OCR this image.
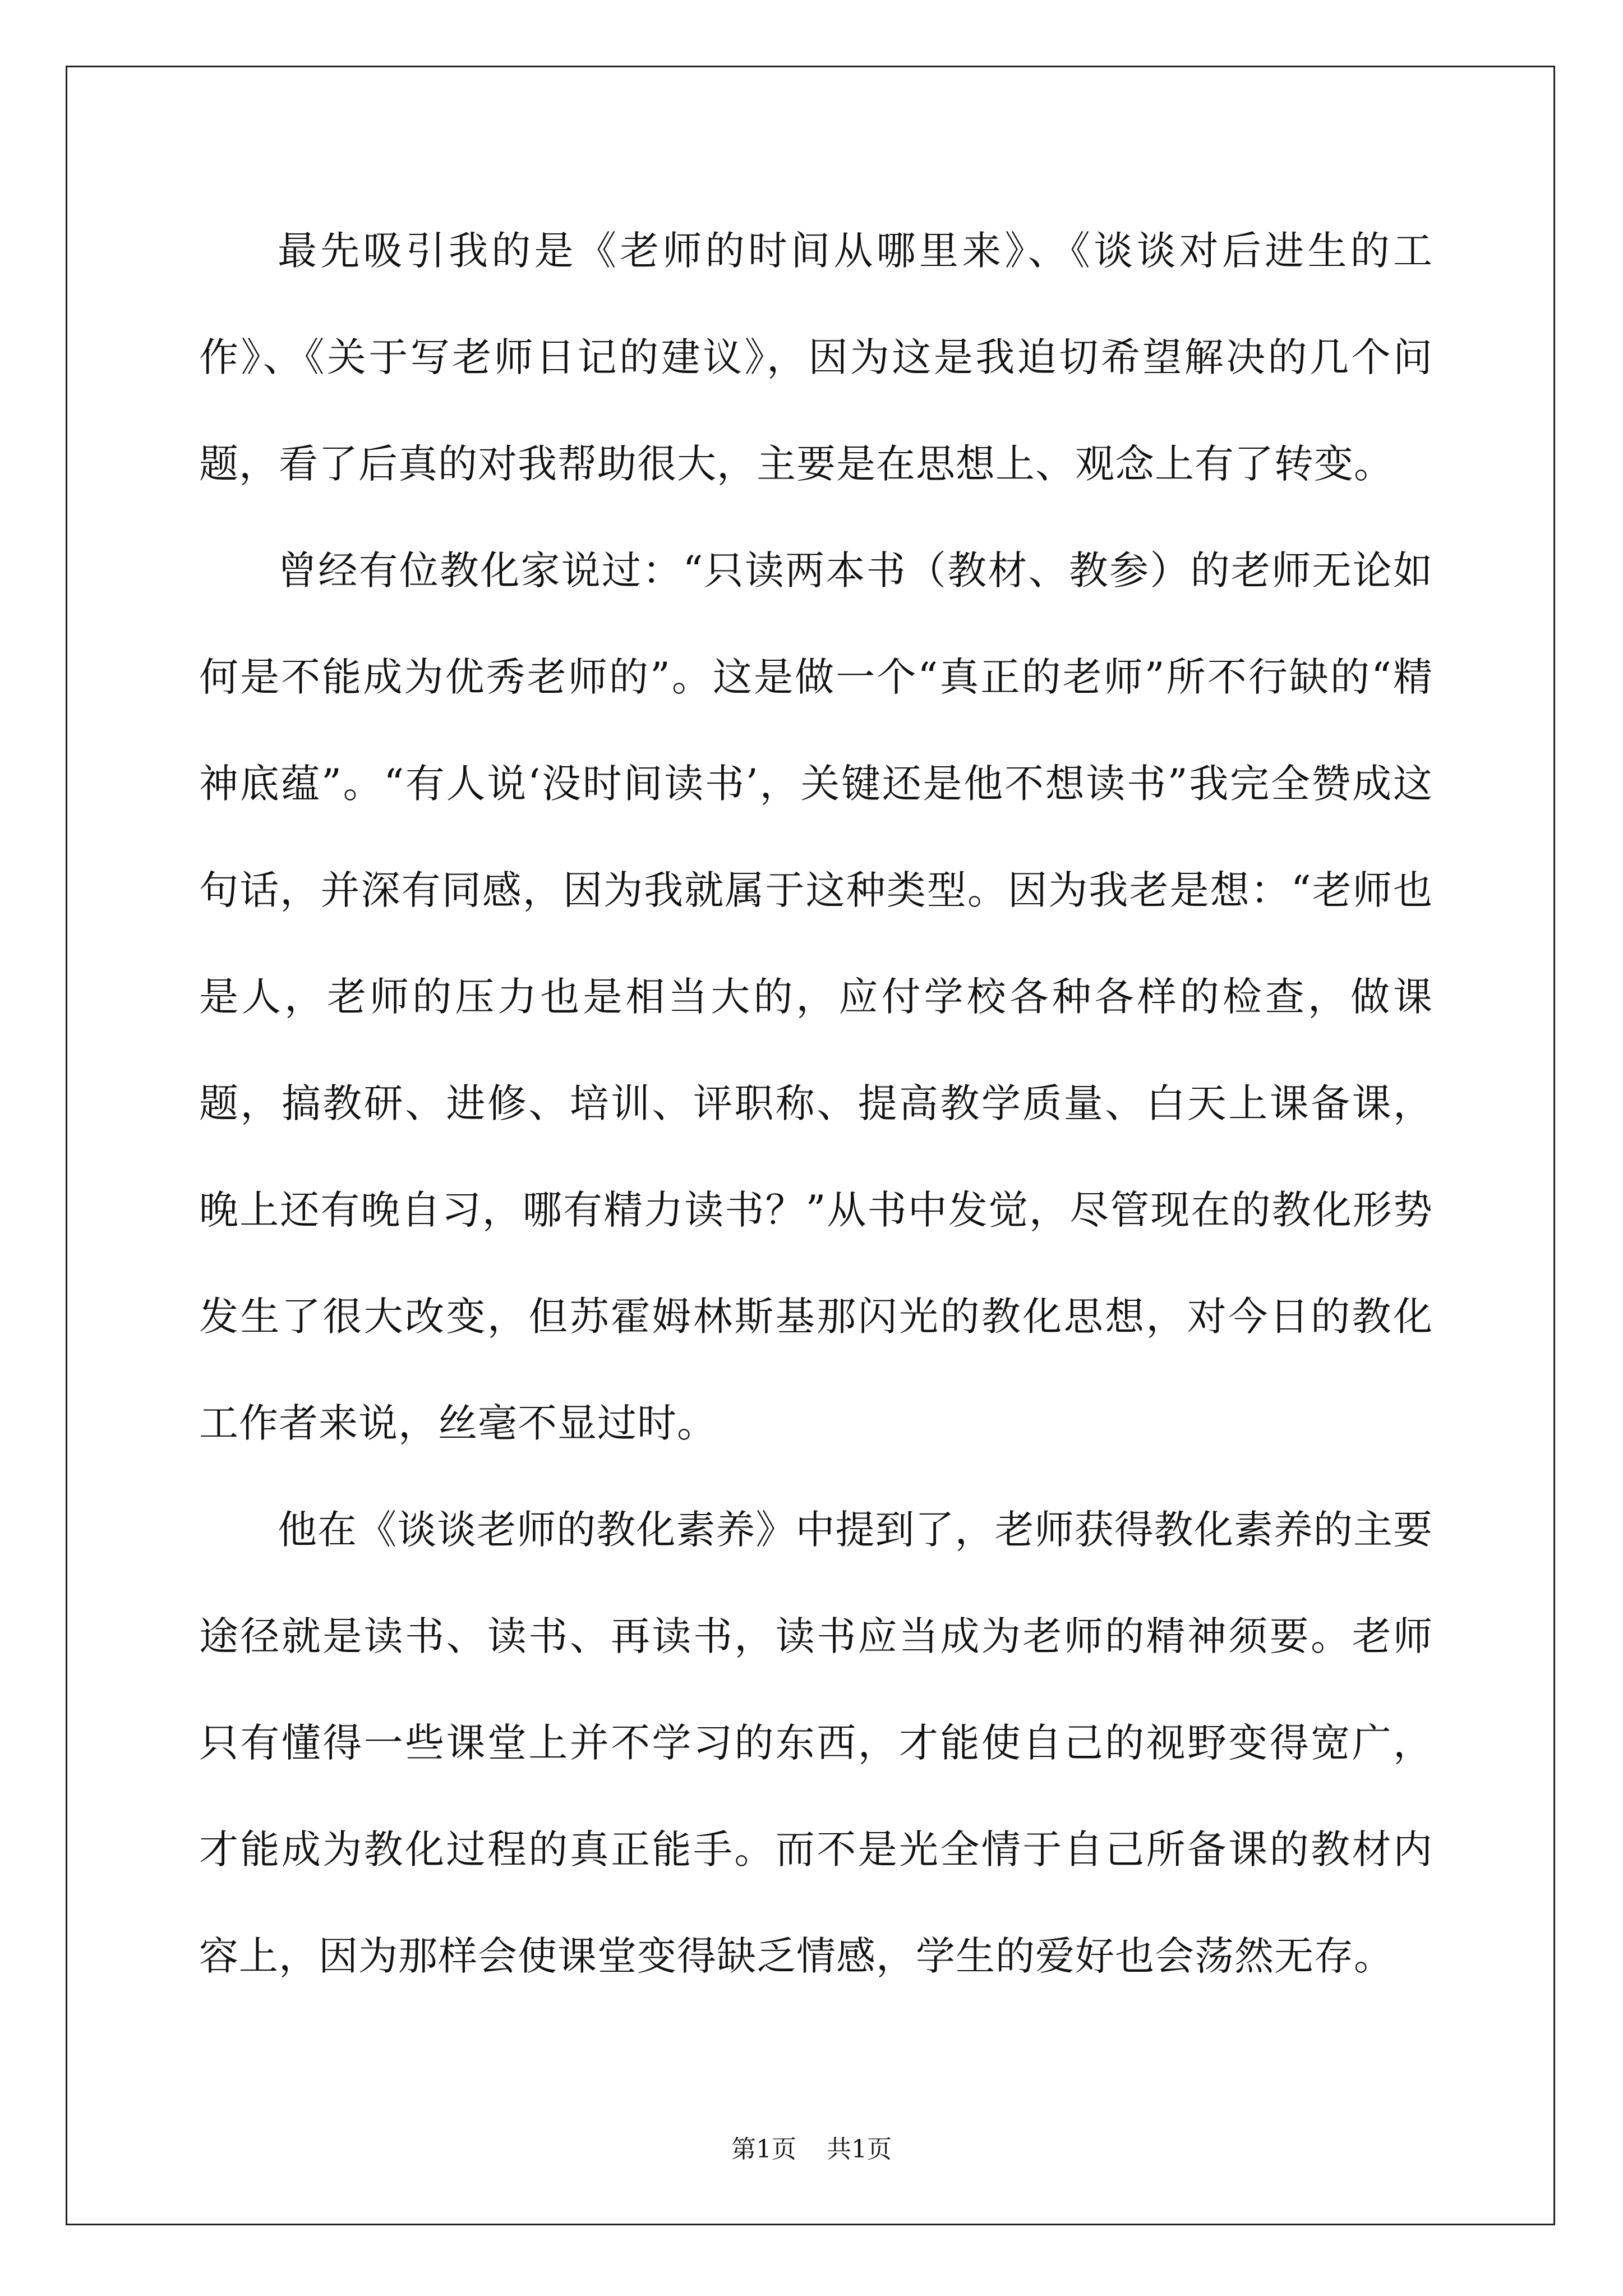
最先吸引我的是《老师的时间从哪里来》、《谈谈对后进生的工作》、《关于写老师日记的建议》，因为这是我迫切希望解决的几个问题，看了后真的对我帮助很大，主要是在思想上、观念上有了转变。

曾经有位教化家说过：“只读两本书（教材、教参）的老师无论如何是不能成为优秀老师的”。这是做一个“真正的老师”所不行缺的“精神底蕴”。“有人说‘没时间读书’，关键还是他不想读书”我完全赞成这句话，并深有同感，因为我就属于这种类型。因为我老是想：“老师也是人，老师的压力也是相当大的，应付学校各种各样的检查，做课题，搞教研、进修、培训、评职称、提高教学质量、白天上课备课，晚上还有晚自习，哪有精力读书？”从书中发觉，尽管现在的教化形势发生了很大改变，但苏霍姆林斯基那闪光的教化思想，对今日的教化工作者来说，丝毫不显过时。

他在《谈谈老师的教化素养》中提到了，老师获得教化素养的主要途径就是读书、读书、再读书，读书应当成为老师的精神须要。老师只有懂得一些课堂上并不学习的东西，才能使自己的视野变得宽广，才能成为教化过程的真正能手。而不是光全情于自己所备课的教材内容上，因为那样会使课堂变得缺乏情感，学生的爱好也会荡然无存。

第1页 共1页
